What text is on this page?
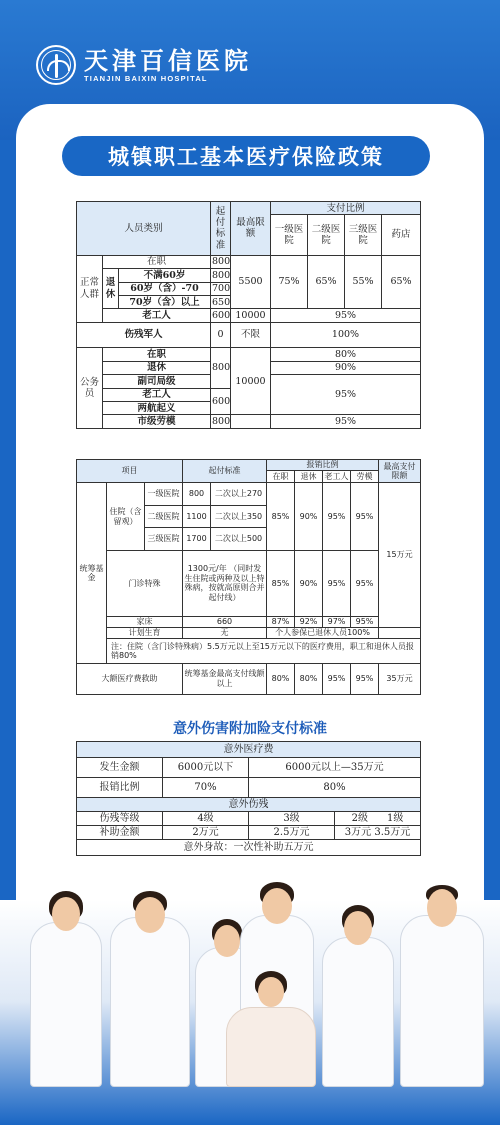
天津百信医院
TIANJIN BAIXIN HOSPITAL
城镇职工基本医疗保险政策
人员类别			起付标准	最高限额	支付比例			
					一级医院	二级医院	三级医院	药店
正常人群	在职		800	5500	75%	65%	55%	65%
	退休	不满60岁	800					
		60岁（含）-70	700					
		70岁（含）以上	650					
	老工人		600	10000	95%			
伤残军人			0	不限	100%			
公务员	在职		800	10000	80%			
	退休				90%			
	副司局级				95%			
	老工人		600					
	两航起义							
	市级劳模		800		95%			
项目			起付标准		报销比例				最高支付限额
					在职	退休	老工人	劳模	
统筹基金	住院（含留观）	一级医院	800	二次以上270	85%	90%	95%	95%	15万元
		二级医院	1100	二次以上350					
		三级医院	1700	二次以上500					
	门诊特殊		1300元/年 （同时发生住院或两种及以上特殊病，按就高原则合并起付线）		85%	90%	95%	95%	
	家床		660		87%	92%	97%	95%	
	计划生育		无		个人参保已退休人员100%				
	注：住院（含门诊特殊病）5.5万元以上至15万元以下的医疗费用，职工和退休人员报销80%								
大额医疗费救助			统筹基金最高支付线额以上		80%	80%	95%	95%	35万元
意外伤害附加险支付标准
意外医疗费			
发生金额	6000元以下	6000元以上—35万元	
报销比例	70%	80%	
意外伤残			
伤残等级	4级	3级	2级 1级
补助金额	2万元	2.5万元	3万元 3.5万元
意外身故：一次性补助五万元			
